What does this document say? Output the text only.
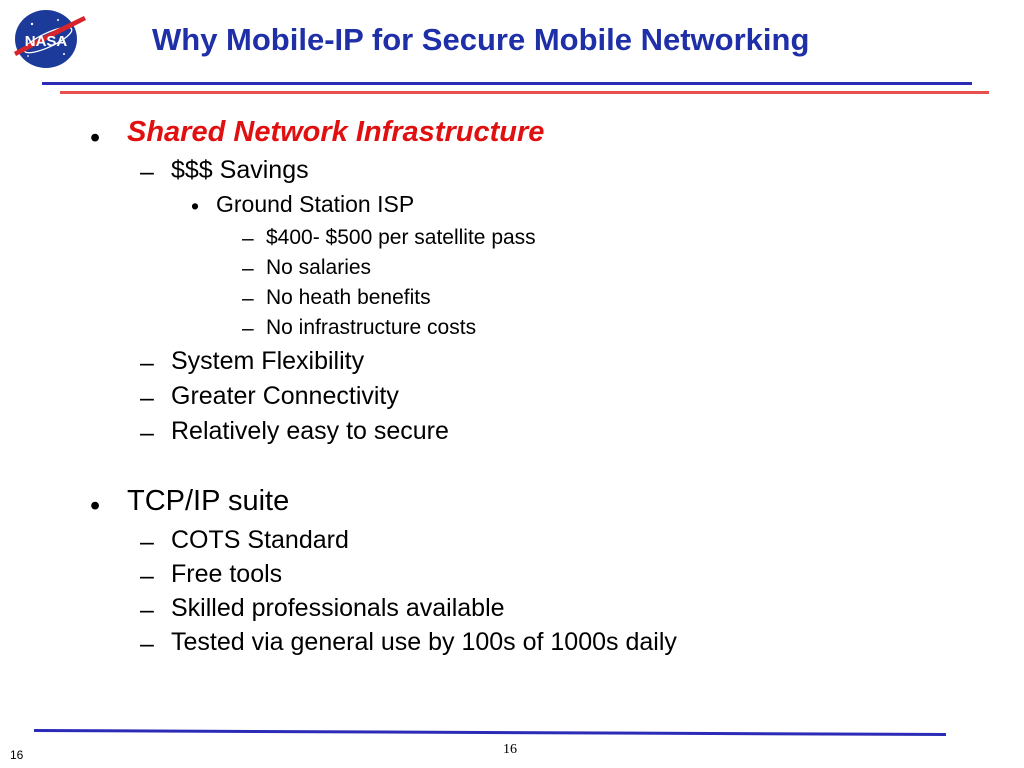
NASA	Why Mobile-IP for Secure Mobile Networking
• Shared Network Infrastructure
– $$$ Savings
• Ground Station ISP
– $400- $500 per satellite pass
– No salaries
– No heath benefits
– No infrastructure costs
– System Flexibility
– Greater Connectivity
– Relatively easy to secure
• TCP/IP suite
– COTS Standard
– Free tools
– Skilled professionals available
– Tested via general use by 100s of 1000s daily
16	16
